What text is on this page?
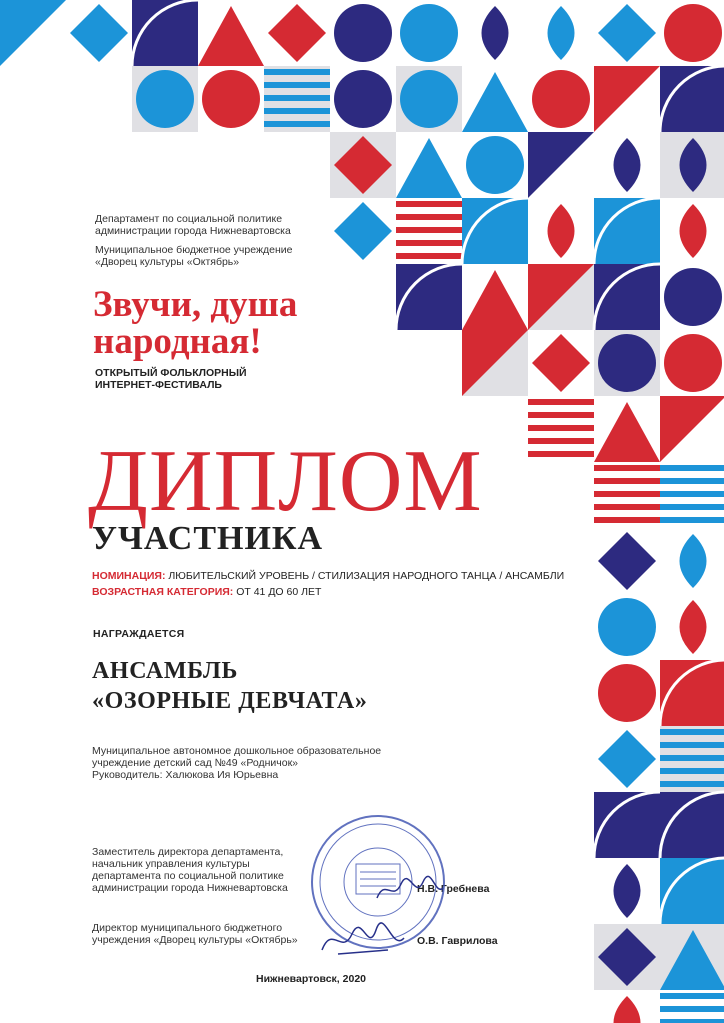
Департамент по социальной политике
администрации города Нижневартовска
Муниципальное бюджетное учреждение
«Дворец культуры «Октябрь»
Звучи, душа
народная!
ОТКРЫТЫЙ ФОЛЬКЛОРНЫЙ
ИНТЕРНЕТ-ФЕСТИВАЛЬ
ДИПЛОМ
УЧАСТНИКА
НОМИНАЦИЯ: ЛЮБИТЕЛЬСКИЙ УРОВЕНЬ / СТИЛИЗАЦИЯ НАРОДНОГО ТАНЦА / АНСАМБЛИ
ВОЗРАСТНАЯ КАТЕГОРИЯ: ОТ 41 ДО 60 ЛЕТ
НАГРАЖДАЕТСЯ
АНСАМБЛЬ
«ОЗОРНЫЕ ДЕВЧАТА»
Муниципальное автономное дошкольное образовательное
учреждение детский сад №49 «Родничок»
Руководитель: Халюкова Ия Юрьевна
Заместитель директора департамента,
начальник управления культуры
департамента по социальной политике
администрации города Нижневартовска	Н.В. Гребнева
Директор муниципального бюджетного
учреждения «Дворец культуры «Октябрь»	О.В. Гаврилова
Нижневартовск, 2020
